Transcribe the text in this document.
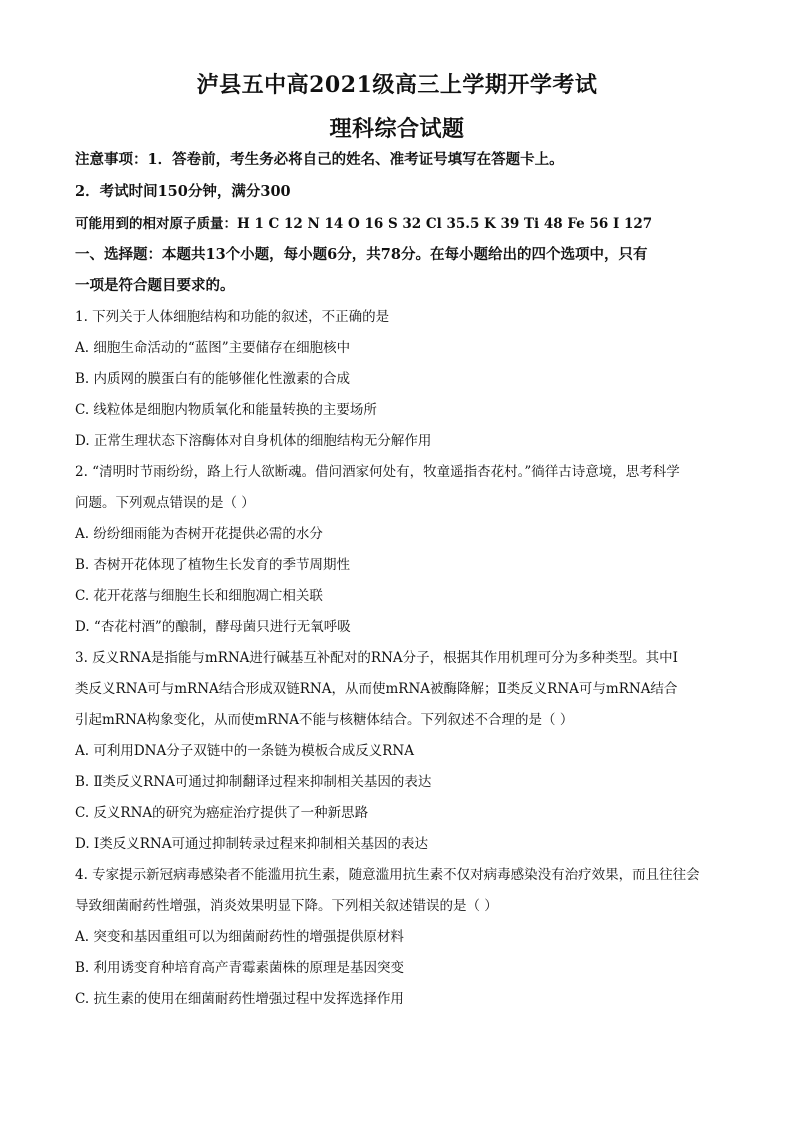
泸县五中高2021级高三上学期开学考试
理科综合试题
注意事项：1．答卷前，考生务必将自己的姓名、准考证号填写在答题卡上。
2．考试时间150分钟，满分300
可能用到的相对原子质量：H 1 C 12 N 14 O 16 S 32 Cl 35.5 K 39 Ti 48 Fe 56 I 127
一、选择题：本题共13个小题，每小题6分，共78分。在每小题给出的四个选项中，只有
一项是符合题目要求的。
1. 下列关于人体细胞结构和功能的叙述，不正确的是
A. 细胞生命活动的“蓝图”主要储存在细胞核中
B. 内质网的膜蛋白有的能够催化性激素的合成
C. 线粒体是细胞内物质氧化和能量转换的主要场所
D. 正常生理状态下溶酶体对自身机体的细胞结构无分解作用
2. “清明时节雨纷纷，路上行人欲断魂。借问酒家何处有，牧童遥指杏花村。”徜徉古诗意境，思考科学
问题。下列观点错误的是（ ）
A. 纷纷细雨能为杏树开花提供必需的水分
B. 杏树开花体现了植物生长发育的季节周期性
C. 花开花落与细胞生长和细胞凋亡相关联
D. “杏花村酒”的酿制，酵母菌只进行无氧呼吸
3. 反义RNA是指能与mRNA进行碱基互补配对的RNA分子，根据其作用机理可分为多种类型。其中Ⅰ
类反义RNA可与mRNA结合形成双链RNA，从而使mRNA被酶降解；Ⅱ类反义RNA可与mRNA结合
引起mRNA构象变化，从而使mRNA不能与核糖体结合。下列叙述不合理的是（ ）
A. 可利用DNA分子双链中的一条链为模板合成反义RNA
B. Ⅱ类反义RNA可通过抑制翻译过程来抑制相关基因的表达
C. 反义RNA的研究为癌症治疗提供了一种新思路
D. Ⅰ类反义RNA可通过抑制转录过程来抑制相关基因的表达
4. 专家提示新冠病毒感染者不能滥用抗生素，随意滥用抗生素不仅对病毒感染没有治疗效果，而且往往会
导致细菌耐药性增强，消炎效果明显下降。下列相关叙述错误的是（ ）
A. 突变和基因重组可以为细菌耐药性的增强提供原材料
B. 利用诱变育种培育高产青霉素菌株的原理是基因突变
C. 抗生素的使用在细菌耐药性增强过程中发挥选择作用
